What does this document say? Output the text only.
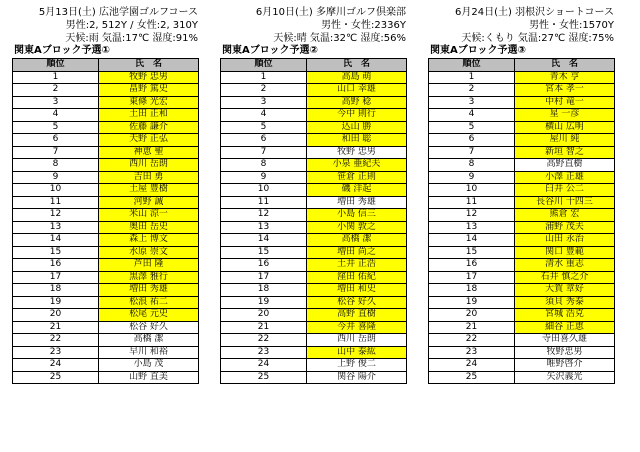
5月13日(土) 広池学園ゴルフコース
男性:2, 512Y / 女性:2, 310Y
天候:雨 気温:17℃ 湿度:91%
関東Aブロック予選①
順位	氏　名
1	牧野 忠男
2	畠野 篤史
3	東條 光宏
4	土田 正和
5	佐藤 謙介
6	天野 正弘
7	神恵 聖
8	西川 岳朗
9	吉田 勇
10	土屋 豊樹
11	河野 誠
12	米山 涼一
13	奥田 岳史
14	森上 博文
15	水原 崇文
16	芦田 隆
17	黒澤 雅行
18	増田 秀雄
19	松浪 祐二
20	松尾 元史
21	松谷 好久
22	高橋 潔
23	早川 和裕
24	小島 茂
25	山野 直美
6月10日(土) 多摩川ゴルフ倶楽部
男性・女性:2336Y
天候:晴 気温:32℃ 湿度:56%
関東Aブロック予選②
順位	氏　名
1	高島 萌
2	山口 幸雄
3	高野 稔
4	今中 則行
5	込山 勝
6	和田 聡
7	牧野 忠男
8	小泉 亜紀夫
9	笹倉 正則
10	磯 洋起
11	増田 秀雄
12	小島 信三
13	小関 敦之
14	高橋 潔
15	増田 尚之
16	土井 正浩
17	窪田 佑紀
18	増田 和史
19	松谷 好久
20	高野 直樹
21	今井 喜隆
22	西川 岳朗
23	山中 泰紘
24	上野 俊二
25	関谷 陽介
6月24日(土) 羽根沢ショートコース
男性・女性:1570Y
天候:くもり 気温:27℃ 湿度:75%
関東Aブロック予選③
順位	氏　名
1	青木 亨
2	宮本 孝一
3	中村 竜一
4	星 一彦
5	横山 広明
6	屋川 純
7	新垣 智之
8	高野直樹
9	小澤 正雄
10	臼井 公二
11	長谷川 十四三
12	熊倉 宏
13	浦野 茂夫
14	山田 永治
15	関口 豊範
16	清水 重志
17	石井 慎之介
18	大賀 章好
19	須貝 秀泰
20	宮城 浩克
21	細谷 正恵
22	寺田喜久雄
23	牧野忠男
24	唯野啓介
25	矢沢義光
